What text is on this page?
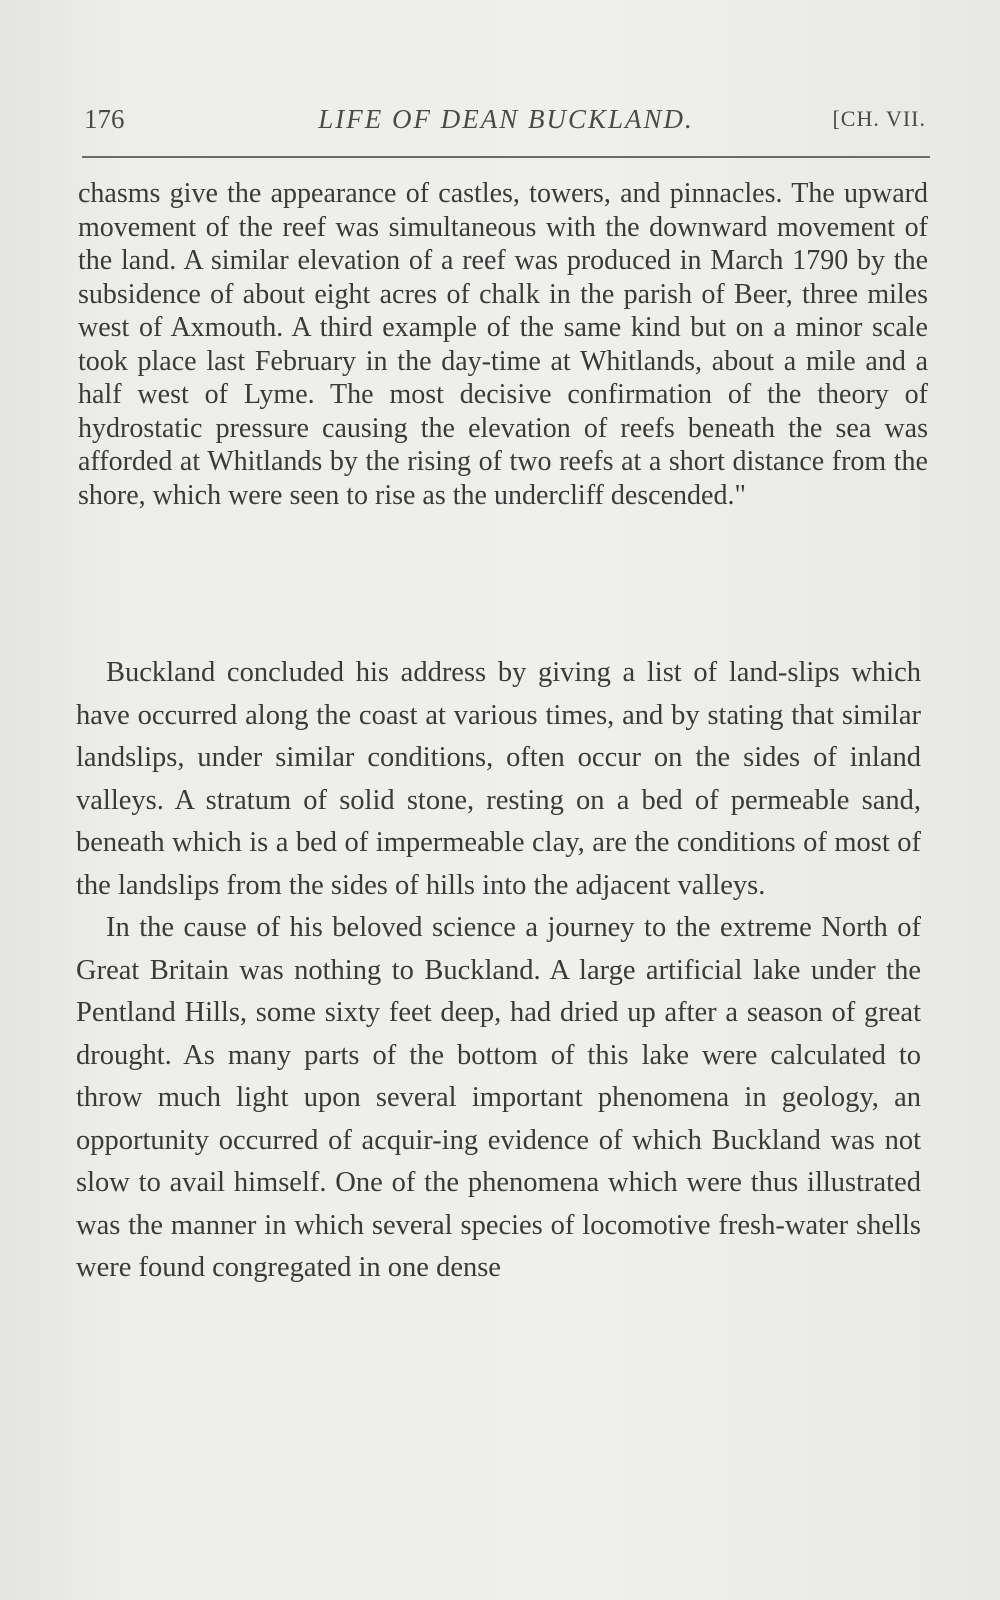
176	LIFE OF DEAN BUCKLAND.	[CH. VII.

chasms give the appearance of castles, towers, and pinnacles. The upward movement of the reef was simultaneous with the downward movement of the land. A similar elevation of a reef was produced in March 1790 by the subsidence of about eight acres of chalk in the parish of Beer, three miles west of Axmouth. A third example of the same kind but on a minor scale took place last February in the day-time at Whitlands, about a mile and a half west of Lyme. The most decisive confirmation of the theory of hydrostatic pressure causing the elevation of reefs beneath the sea was afforded at Whitlands by the rising of two reefs at a short distance from the shore, which were seen to rise as the undercliff descended."

Buckland concluded his address by giving a list of land-slips which have occurred along the coast at various times, and by stating that similar landslips, under similar conditions, often occur on the sides of inland valleys. A stratum of solid stone, resting on a bed of permeable sand, beneath which is a bed of impermeable clay, are the conditions of most of the landslips from the sides of hills into the adjacent valleys.

In the cause of his beloved science a journey to the extreme North of Great Britain was nothing to Buckland. A large artificial lake under the Pentland Hills, some sixty feet deep, had dried up after a season of great drought. As many parts of the bottom of this lake were calculated to throw much light upon several important phenomena in geology, an opportunity occurred of acquir-ing evidence of which Buckland was not slow to avail himself. One of the phenomena which were thus illustrated was the manner in which several species of locomotive fresh-water shells were found congregated in one dense
